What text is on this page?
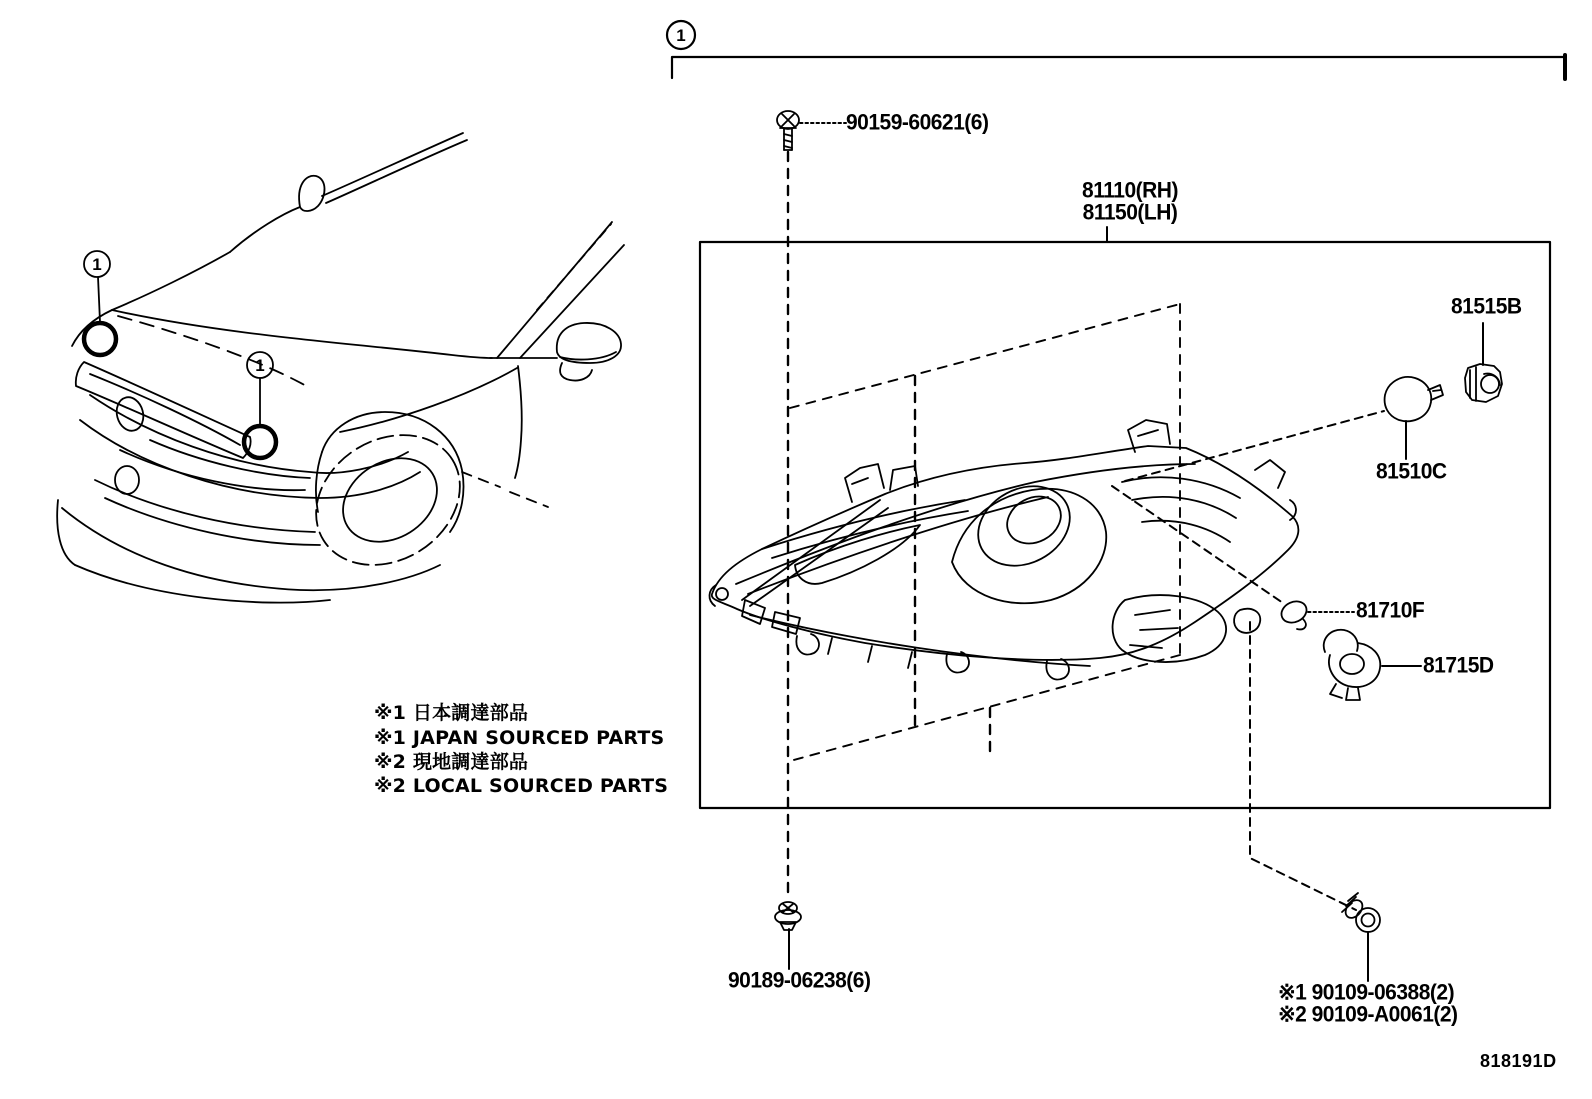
1
1
1
90159-60621(6)
81110(RH)
81150(LH)
81515B
81510C
81710F
81715D
90189-06238(6)
※1 90109-06388(2)
※2 90109-A0061(2)
※1 日本調達部品
※1 JAPAN SOURCED PARTS
※2 現地調達部品
※2 LOCAL SOURCED PARTS
818191D
